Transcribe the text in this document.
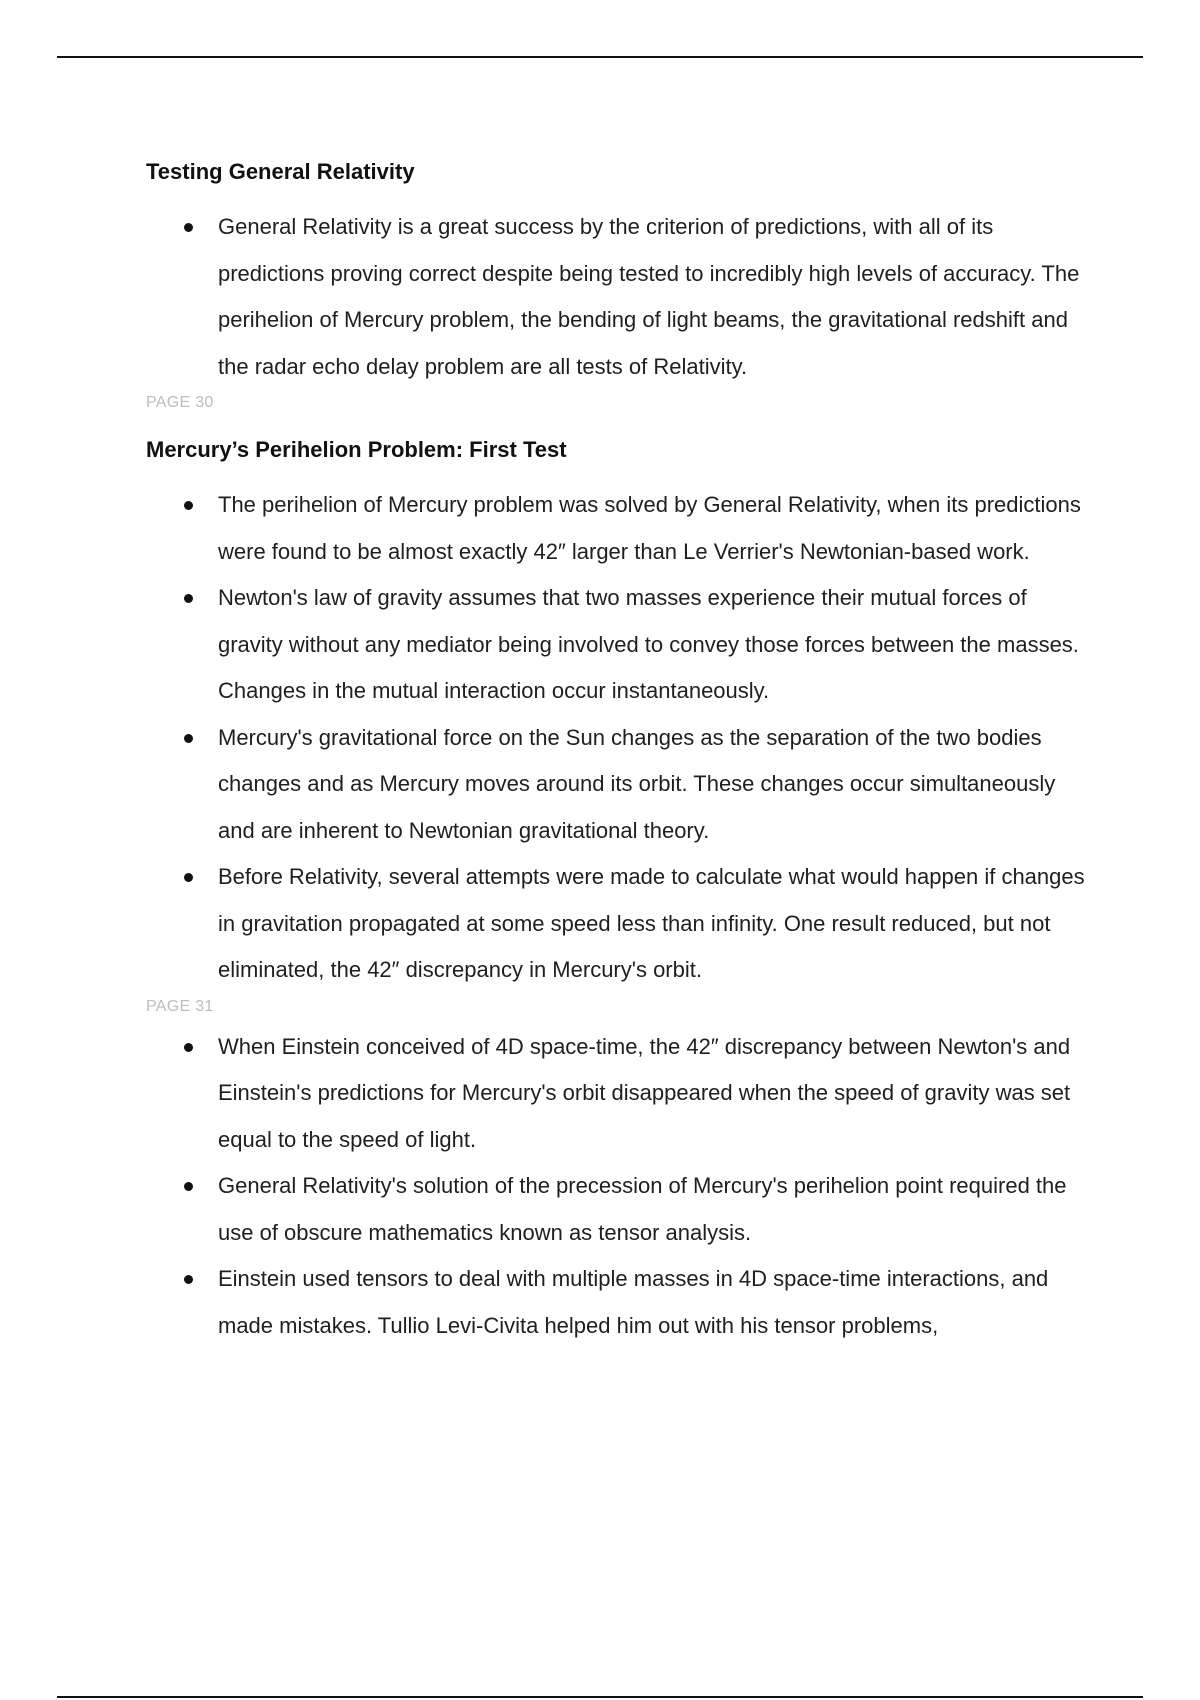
Testing General Relativity
General Relativity is a great success by the criterion of predictions, with all of its predictions proving correct despite being tested to incredibly high levels of accuracy. The perihelion of Mercury problem, the bending of light beams, the gravitational redshift and the radar echo delay problem are all tests of Relativity.

PAGE 30

Mercury’s Perihelion Problem: First Test
The perihelion of Mercury problem was solved by General Relativity, when its predictions were found to be almost exactly 42″ larger than Le Verrier's Newtonian-based work.
Newton's law of gravity assumes that two masses experience their mutual forces of gravity without any mediator being involved to convey those forces between the masses. Changes in the mutual interaction occur instantaneously.
Mercury's gravitational force on the Sun changes as the separation of the two bodies changes and as Mercury moves around its orbit. These changes occur simultaneously and are inherent to Newtonian gravitational theory.
Before Relativity, several attempts were made to calculate what would happen if changes in gravitation propagated at some speed less than infinity. One result reduced, but not eliminated, the 42″ discrepancy in Mercury's orbit.

PAGE 31

When Einstein conceived of 4D space-time, the 42″ discrepancy between Newton's and Einstein's predictions for Mercury's orbit disappeared when the speed of gravity was set equal to the speed of light.
General Relativity's solution of the precession of Mercury's perihelion point required the use of obscure mathematics known as tensor analysis.
Einstein used tensors to deal with multiple masses in 4D space-time interactions, and made mistakes. Tullio Levi-Civita helped him out with his tensor problems,
